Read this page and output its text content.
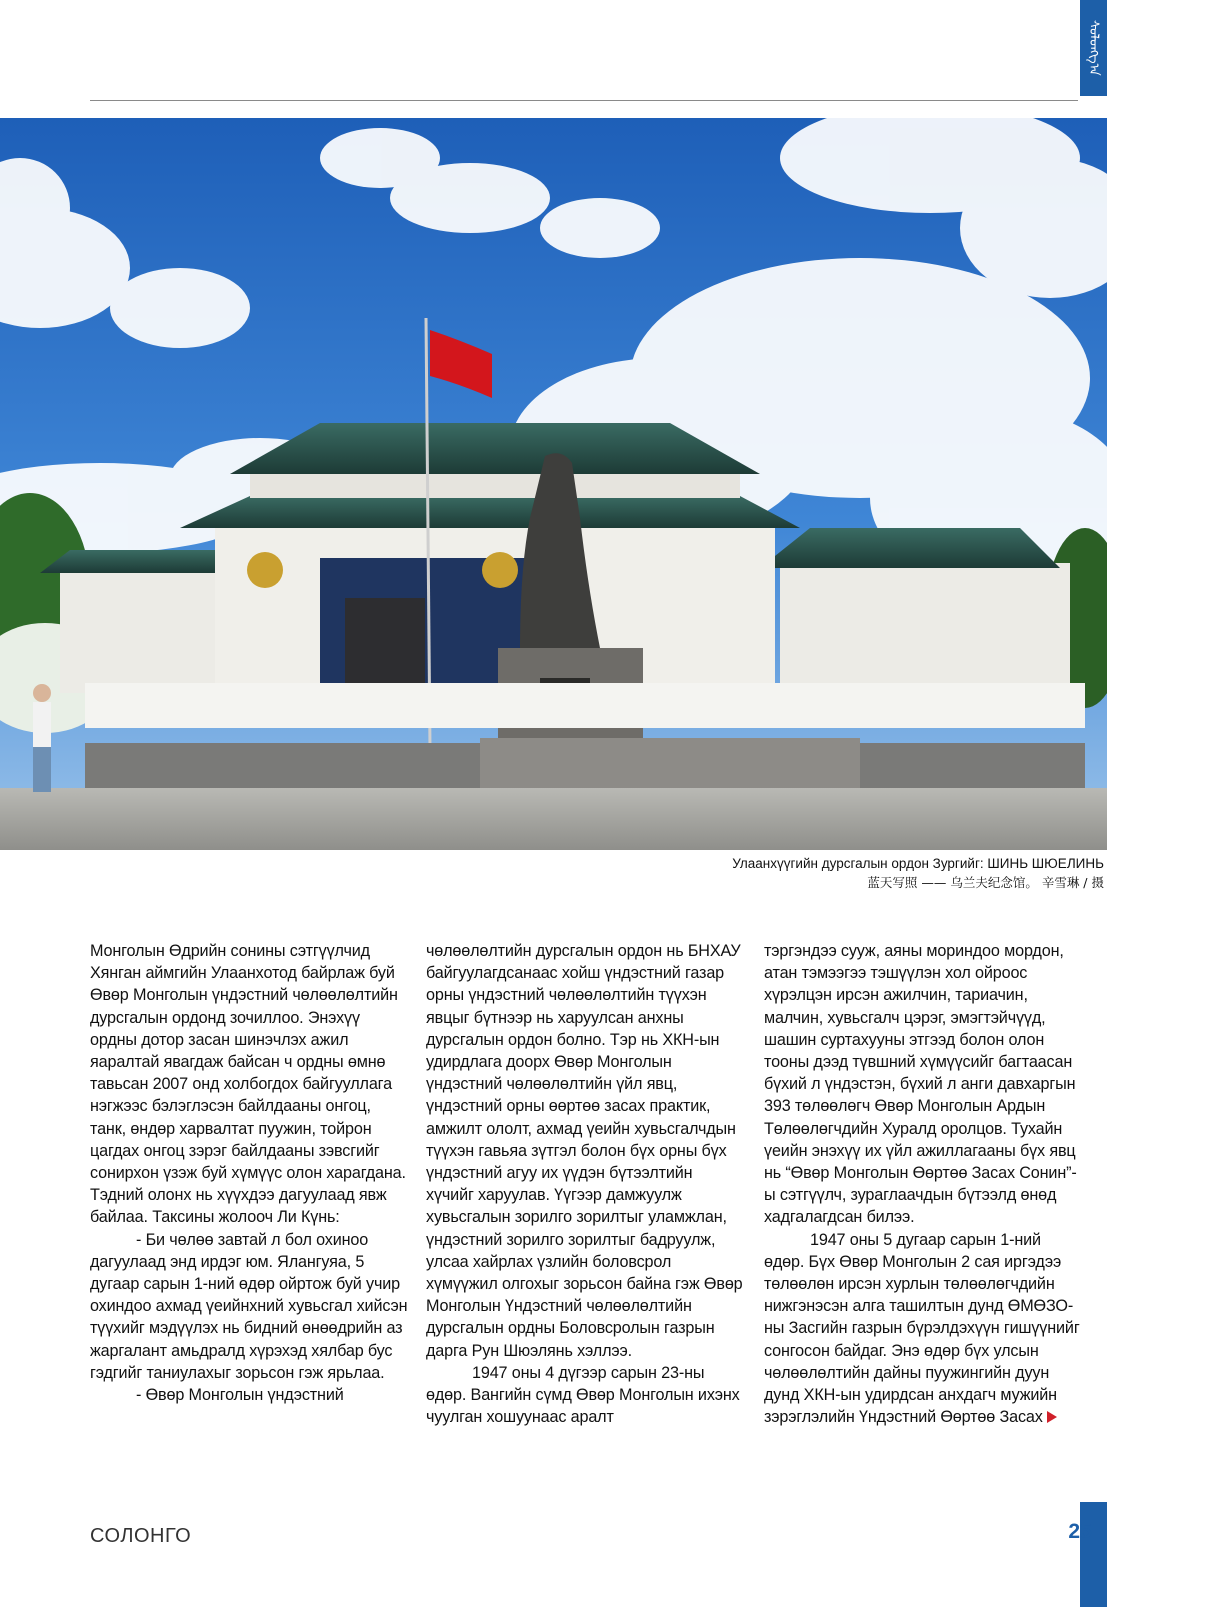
ᠰᠣᠯᠣᠩᠭ᠎ᠠ
Улаанхүүгийн дурсгалын ордон Зургийг: ШИНЬ ШЮЕЛИНЬ
蓝天写照 —— 乌兰夫纪念馆。 辛雪琳 / 摄

Монголын Өдрийн сонины сэтгүүлчид Хянган аймгийн Улаанхотод байрлаж буй Өвөр Монголын үндэстний чөлөөлөлтийн дурсгалын ордонд зочиллоо. Энэхүү ордны дотор засан шинэчлэх ажил яаралтай явагдаж байсан ч ордны өмнө тавьсан 2007 онд холбогдох байгууллага нэгжээс бэлэглэсэн байлдааны онгоц, танк, өндөр харвалтат пуужин, тойрон цагдах онгоц зэрэг байлдааны зэвсгийг сонирхон үзэж буй хүмүүс олон харагдана. Тэдний олонх нь хүүхдээ дагуулаад явж байлаа. Таксины жолооч Ли Күнь:

- Би чөлөө завтай л бол охиноо дагуулаад энд ирдэг юм. Ялангуяа, 5 дугаар сарын 1-ний өдөр ойртож буй учир охиндоо ахмад үеийнхний хувьсгал хийсэн түүхийг мэдүүлэх нь бидний өнөөдрийн аз жаргалант амьдралд хүрэхэд хялбар бус гэдгийг таниулахыг зорьсон гэж ярьлаа.

- Өвөр Монголын үндэстний

чөлөөлөлтийн дурсгалын ордон нь БНХАУ байгуулагдсанаас хойш үндэстний газар орны үндэстний чөлөөлөлтийн түүхэн явцыг бүтнээр нь харуулсан анхны дурсгалын ордон болно. Тэр нь ХКН-ын удирдлага доорх Өвөр Монголын үндэстний чөлөөлөлтийн үйл явц, үндэстний орны өөртөө засах практик, амжилт ололт, ахмад үеийн хувьсгалчдын түүхэн гавьяа зүтгэл болон бүх орны бүх үндэстний агуу их үүдэн бүтээлтийн хүчийг харуулав. Үүгээр дамжуулж хувьсгалын зорилго зорилтыг уламжлан, үндэстний зорилго зорилтыг бадруулж, улсаа хайрлах үзлийн боловсрол хүмүүжил олгохыг зорьсон байна гэж Өвөр Монголын Үндэстний чөлөөлөлтийн дурсгалын ордны Боловсролын газрын дарга Рун Шюэлянь хэллээ.

1947 оны 4 дүгээр сарын 23-ны өдөр. Вангийн сүмд Өвөр Монголын ихэнх чуулган хошуунаас аралт

тэргэндээ сууж, аяны мориндоо мордон, атан тэмээгээ тэшүүлэн хол ойроос хүрэлцэн ирсэн ажилчин, тариачин, малчин, хувьсгалч цэрэг, эмэгтэйчүүд, шашин суртахууны этгээд болон олон тооны дээд түвшний хүмүүсийг багтаасан бүхий л үндэстэн, бүхий л анги давхаргын 393 төлөөлөгч Өвөр Монголын Ардын Төлөөлөгчдийн Хуралд оролцов. Тухайн үеийн энэхүү их үйл ажиллагааны бүх явц нь “Өвөр Монголын Өөртөө Засах Сонин”-ы сэтгүүлч, зураглаачдын бүтээлд өнөд хадгалагдсан билээ.

1947 оны 5 дугаар сарын 1-ний өдөр. Бүх Өвөр Монголын 2 сая иргэдээ төлөөлөн ирсэн хурлын төлөөлөгчдийн нижгэнэсэн алга ташилтын дунд ӨМӨЗО-ны Засгийн газрын бүрэлдэхүүн гишүүнийг сонгосон байдаг. Энэ өдөр бүх улсын чөлөөлөлтийн дайны пуужингийн дуун дунд ХКН-ын удирдсан анхдагч мужийн зэрэглэлийн Үндэстний Өөртөө Засах

СОЛОНГО	25
